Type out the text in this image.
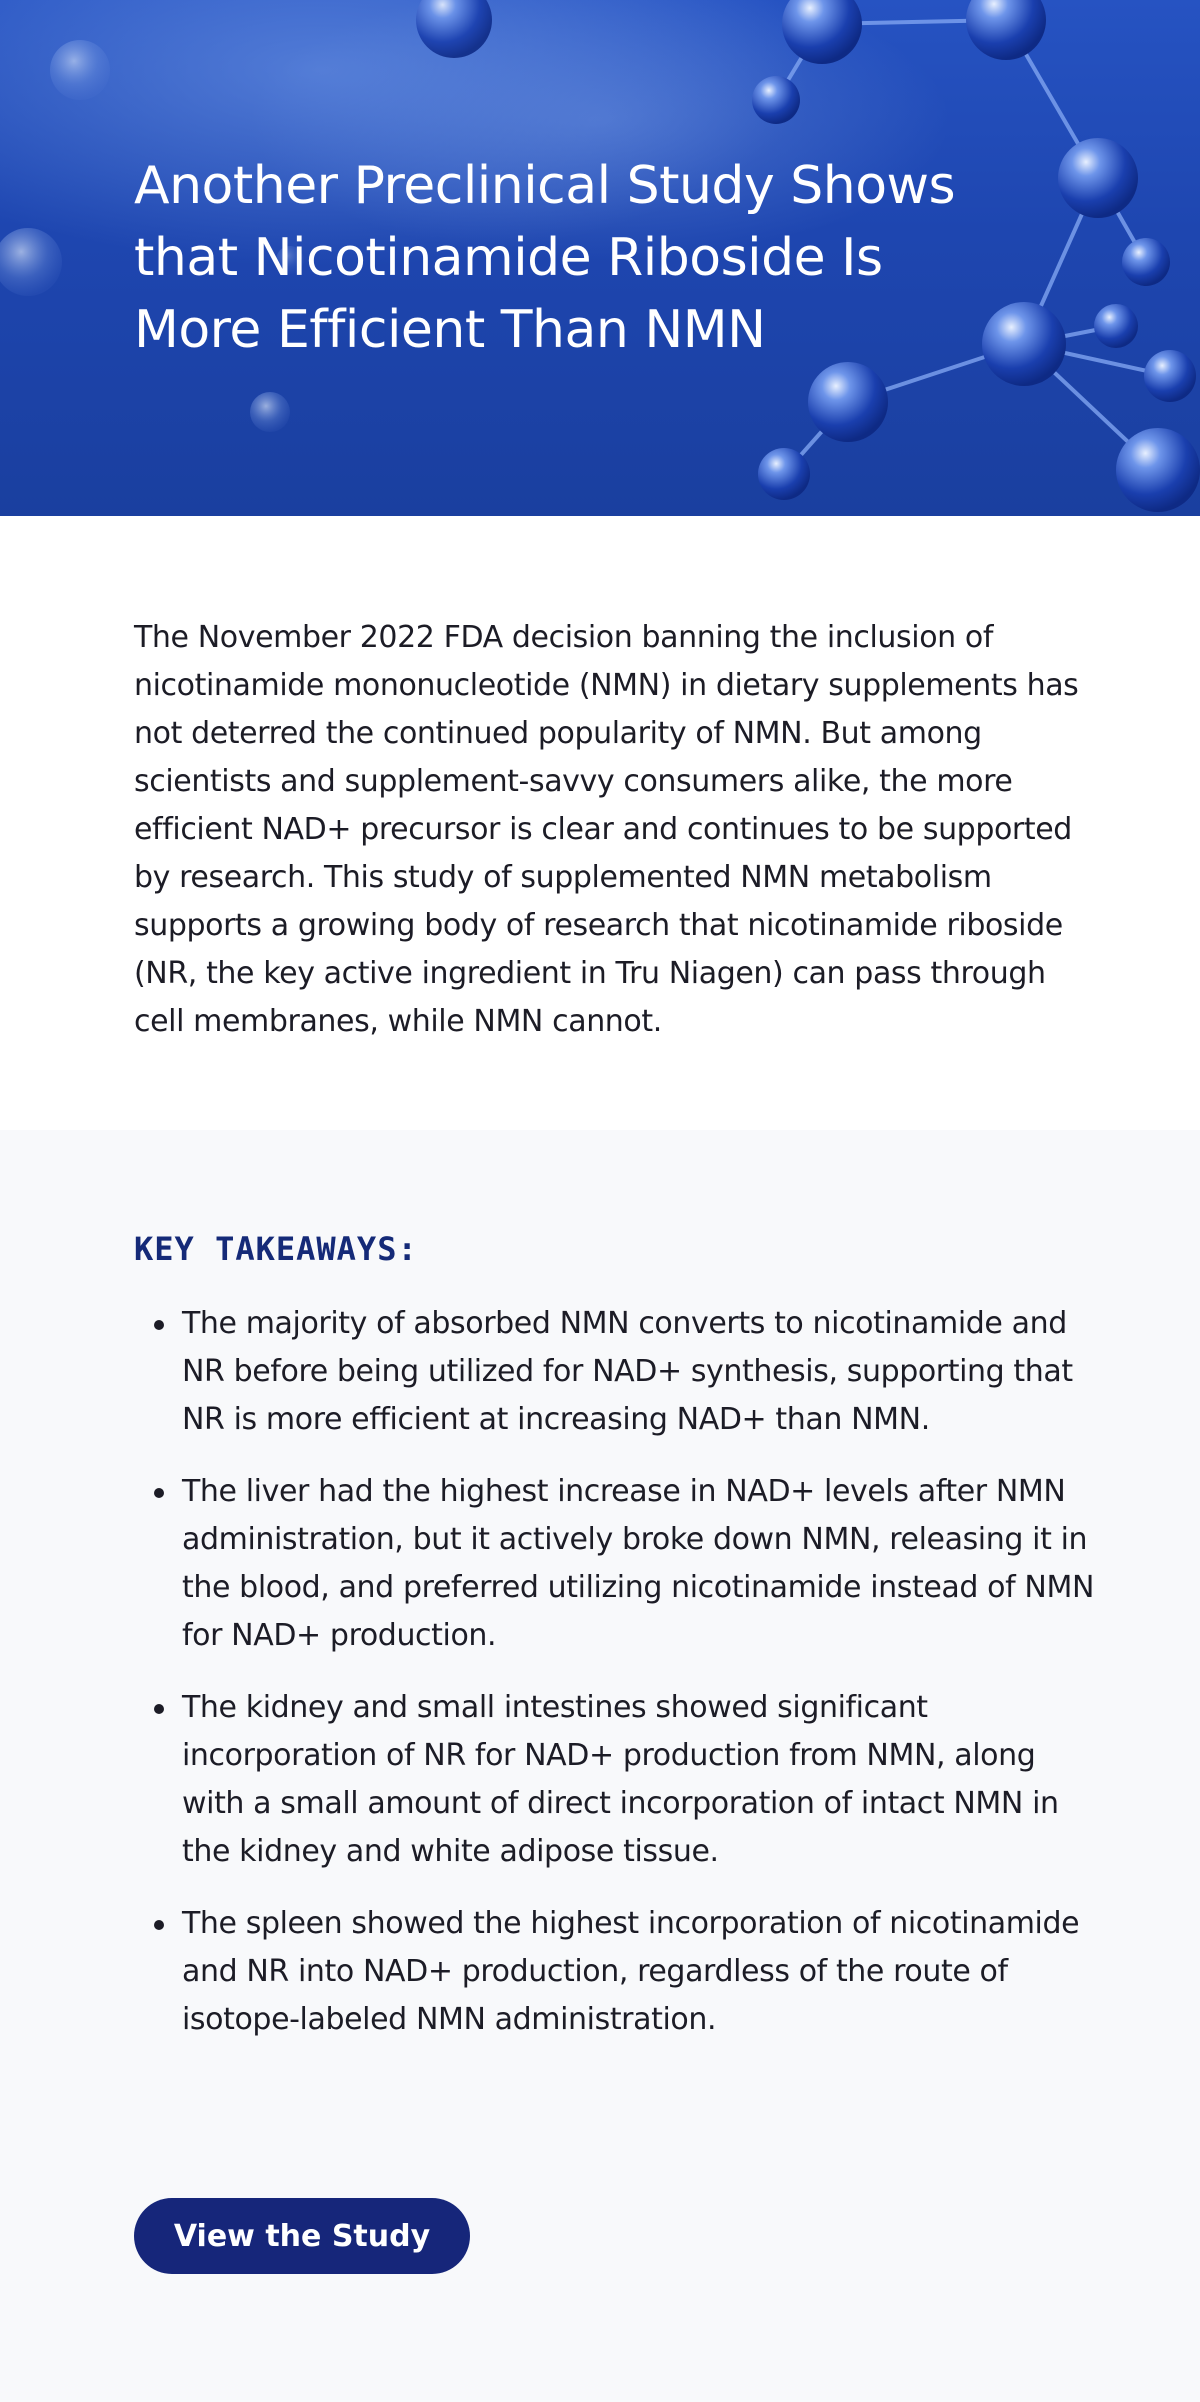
Another Preclinical Study Shows that Nicotinamide Riboside Is More Efficient Than NMN
The November 2022 FDA decision banning the inclusion of nicotinamide mononucleotide (NMN) in dietary supplements has not deterred the continued popularity of NMN. But among scientists and supplement-savvy consumers alike, the more efficient NAD+ precursor is clear and continues to be supported by research. This study of supplemented NMN metabolism supports a growing body of research that nicotinamide riboside (NR, the key active ingredient in Tru Niagen) can pass through cell membranes, while NMN cannot.
KEY TAKEAWAYS:
The majority of absorbed NMN converts to nicotinamide and NR before being utilized for NAD+ synthesis, supporting that NR is more efficient at increasing NAD+ than NMN.
The liver had the highest increase in NAD+ levels after NMN administration, but it actively broke down NMN, releasing it in the blood, and preferred utilizing nicotinamide instead of NMN for NAD+ production.
The kidney and small intestines showed significant incorporation of NR for NAD+ production from NMN, along with a small amount of direct incorporation of intact NMN in the kidney and white adipose tissue.
The spleen showed the highest incorporation of nicotinamide and NR into NAD+ production, regardless of the route of isotope-labeled NMN administration.
View the Study
